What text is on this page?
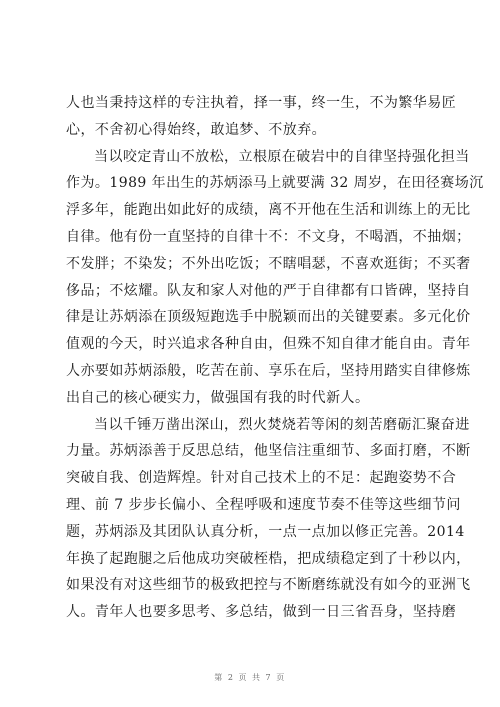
人也当秉持这样的专注执着，择一事，终一生，不为繁华易匠
心，不舍初心得始终，敢追梦、不放弃。
当以咬定青山不放松，立根原在破岩中的自律坚持强化担当
作为。1989 年出生的苏炳添马上就要满 32 周岁，在田径赛场沉
浮多年，能跑出如此好的成绩，离不开他在生活和训练上的无比
自律。他有份一直坚持的自律十不：不文身，不喝酒，不抽烟；
不发胖；不染发；不外出吃饭；不瞎唱瑟，不喜欢逛街；不买奢
侈品；不炫耀。队友和家人对他的严于自律都有口皆碑，坚持自
律是让苏炳添在顶级短跑选手中脱颖而出的关键要素。多元化价
值观的今天，时兴追求各种自由，但殊不知自律才能自由。青年
人亦要如苏炳添般，吃苦在前、享乐在后，坚持用踏实自律修炼
出自己的核心硬实力，做强国有我的时代新人。
当以千锤万凿出深山，烈火焚烧若等闲的刻苦磨砺汇聚奋进
力量。苏炳添善于反思总结，他坚信注重细节、多面打磨，不断
突破自我、创造辉煌。针对自己技术上的不足：起跑姿势不合
理、前 7 步步长偏小、全程呼吸和速度节奏不佳等这些细节问
题，苏炳添及其团队认真分析，一点一点加以修正完善。2014
年换了起跑腿之后他成功突破桎梏，把成绩稳定到了十秒以内，
如果没有对这些细节的极致把控与不断磨练就没有如今的亚洲飞
人。青年人也要多思考、多总结，做到一日三省吾身，坚持磨
第 2 页 共 7 页
